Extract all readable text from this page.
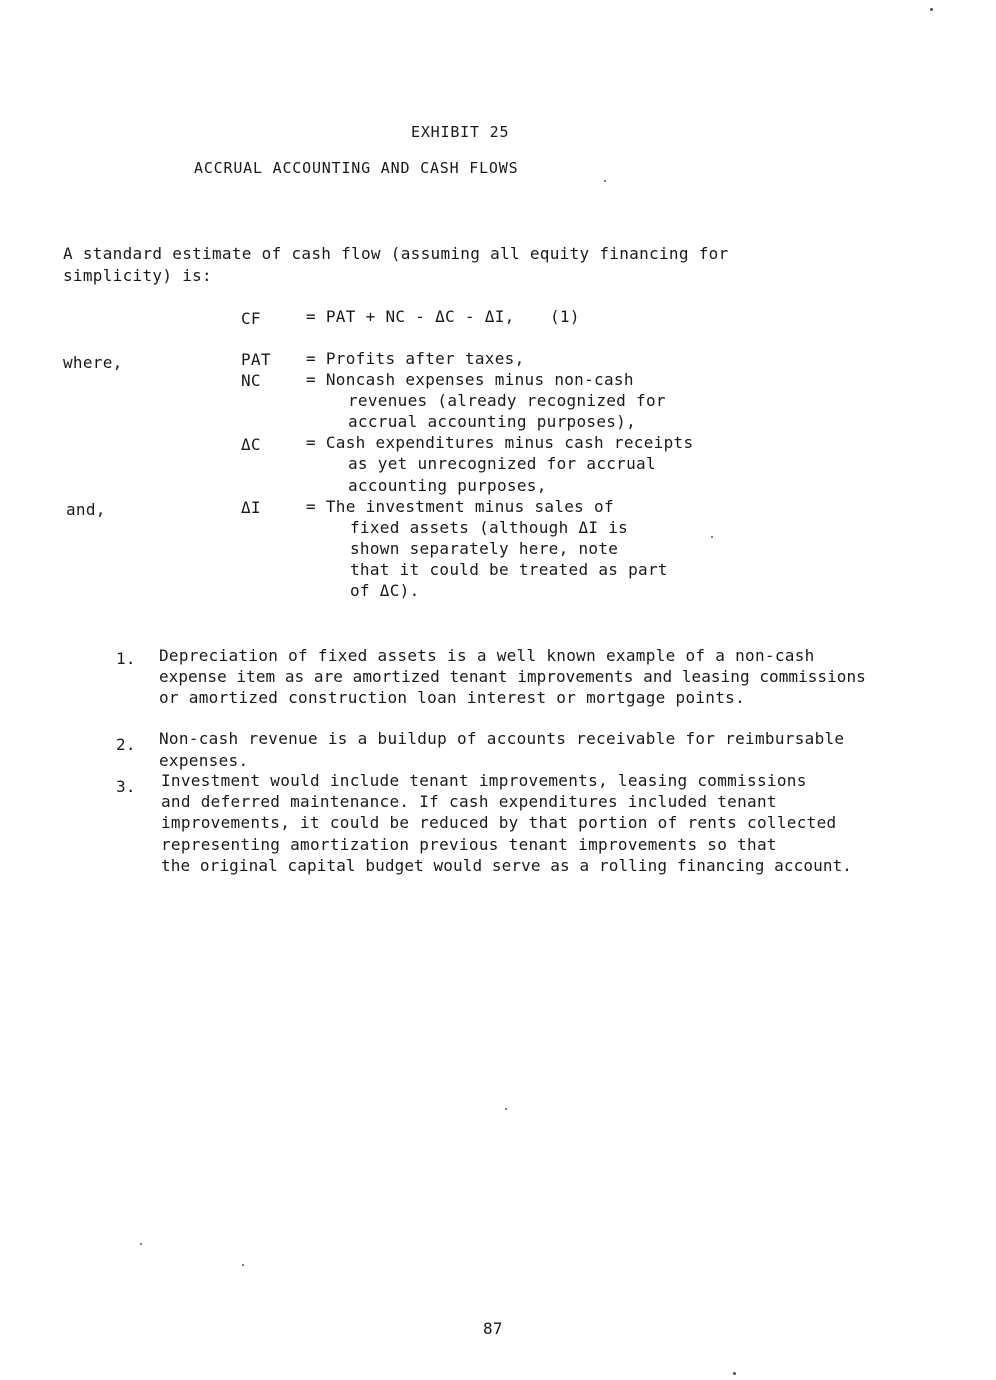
EXHIBIT 25
ACCRUAL ACCOUNTING AND CASH FLOWS
A standard estimate of cash flow (assuming all equity financing for
simplicity) is:
CF	= PAT + NC - ΔC - ΔI, (1)
where,	PAT = Profits after taxes,
NC	= Noncash expenses minus non-cash
revenues (already recognized for
accrual accounting purposes),
ΔC	= Cash expenditures minus cash receipts
as yet unrecognized for accrual
accounting purposes,
and,	ΔI	= The investment minus sales of
fixed assets (although ΔI is
shown separately here, note
that it could be treated as part
of ΔC).
1. Depreciation of fixed assets is a well known example of a non-cash
expense item as are amortized tenant improvements and leasing commissions
or amortized construction loan interest or mortgage points.
2. Non-cash revenue is a buildup of accounts receivable for reimbursable
expenses.
3. Investment would include tenant improvements, leasing commissions
and deferred maintenance. If cash expenditures included tenant
improvements, it could be reduced by that portion of rents collected
representing amortization previous tenant improvements so that
the original capital budget would serve as a rolling financing account.
87
